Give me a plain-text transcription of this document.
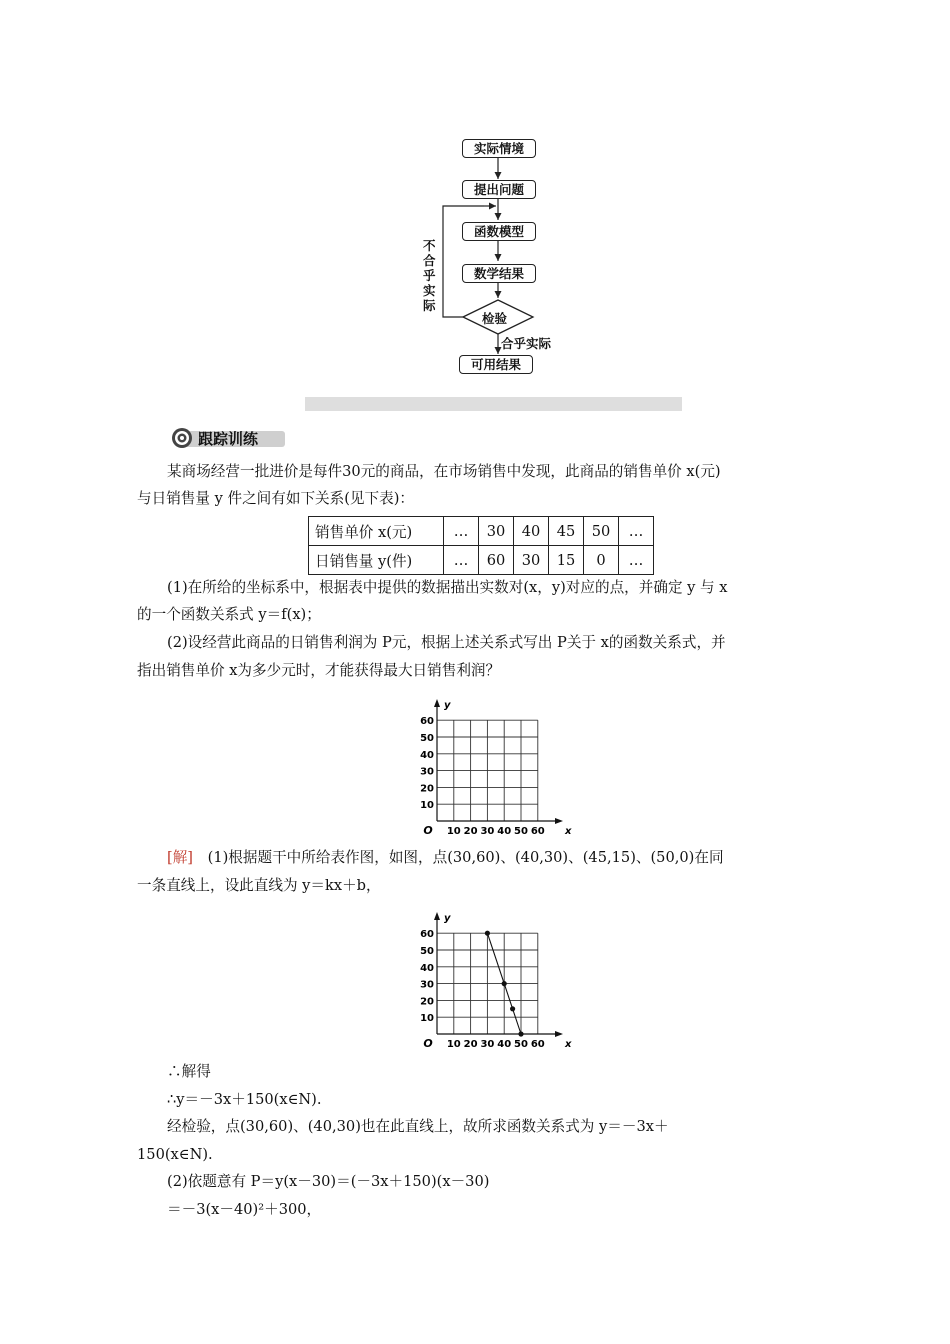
实际情境
提出问题
函数模型
数学结果
检验
可用结果
不合乎实际
合乎实际
跟踪训练
某商场经营一批进价是每件30元的商品，在市场销售中发现，此商品的销售单价 x(元)
与日销售量 y 件之间有如下关系(见下表)：
销售单价 x(元)	…	30	40	45	50	…
日销售量 y(件)	…	60	30	15	0	…
(1)在所给的坐标系中，根据表中提供的数据描出实数对(x，y)对应的点，并确定 y 与 x
的一个函数关系式 y＝f(x)；
(2)设经营此商品的日销售利润为 P元，根据上述关系式写出 P关于 x的函数关系式，并
指出销售单价 x为多少元时，才能获得最大日销售利润？
10 20 30 40 50 60
10
20
30
40
50
60
O	x
y
[解] (1)根据题干中所给表作图，如图，点(30,60)、(40,30)、(45,15)、(50,0)在同
一条直线上，设此直线为 y＝kx＋b，
10 20 30 40 50 60
10
20
30
40
50
60
O	x
y
∴解得
∴y＝－3x＋150(x∈N).
经检验，点(30,60)、(40,30)也在此直线上，故所求函数关系式为 y＝－3x＋
150(x∈N).
(2)依题意有 P＝y(x－30)＝(－3x＋150)(x－30)
＝－3(x－40)²＋300，
